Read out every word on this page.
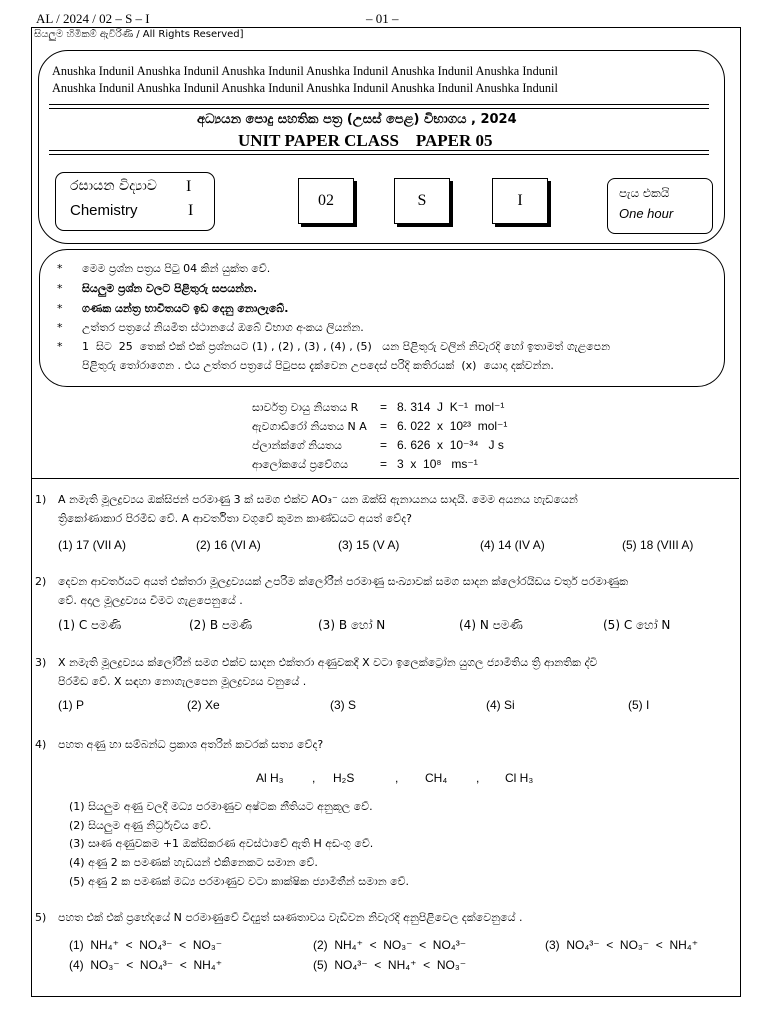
AL / 2024 / 02 – S – I	– 01 –
සියලුම හිමිකම් ඇවිරිණි / All Rights Reserved]
Anushka Indunil Anushka Indunil Anushka Indunil Anushka Indunil Anushka Indunil Anushka Indunil
Anushka Indunil Anushka Indunil Anushka Indunil Anushka Indunil Anushka Indunil Anushka Indunil
අධ්‍යයන පොදු සහතික පත්‍ර (උසස් පෙළ) විභාගය , 2024
UNIT PAPER CLASS    PAPER 05
රසායන විද්‍යාව I
Chemistry	I
02	S	I	පැය එකයි
One hour
* මෙම ප්‍රශ්න පත්‍රය පිටු 04 කින් යුක්ත වේ.
* සියලුම ප්‍රශ්න වලට පිළිතුරු සපයන්න.
* ගණක යන්ත්‍ර භාවිතයට ඉඩ දෙනු නොලැබේ.
* උත්තර පත්‍රයේ නියමිත ස්ථානයේ ඔබේ විභාග අංකය ලියන්න.
* 1  සිට  25  තෙක් එක් එක් ප්‍රශ්නයට (1) , (2) , (3) , (4) , (5)   යන පිළිතුරු වලින් නිවැරදි හෝ ඉතාමත් ගැළපෙන
පිළිතුරු තෝරාගෙන . එය උත්තර පත්‍රයේ පිටුපස දැක්වෙන උපදෙස් පරිදි කතිරයක්  (x)  යොදා දක්වන්න.
සාර්වත්‍ර වායු නියතය R =   8. 314  J  K⁻¹  mol⁻¹
ඇවගාඩ්රෝ නියතය N A =   6. 022  x  10²³  mol⁻¹
ප්ලාන්ක්ගේ නියතය	=   6. 626  x  10⁻³⁴   J s
ආලෝකයේ ප්‍රවේගය	=   3  x  10⁸   ms⁻¹
1) A නමැති මූලද්‍රව්‍යය ඔක්සිජන් පරමාණු 3 ක් සමග එක්ව AO₃⁻ යන ඔක්සි ඇනායනය සාදයි. මෙම අයනය හැඩයෙන්
ත්‍රිකෝණාකාර පිරමිඩ වේ. A ආවර්තිතා වගුවේ කුමන කාණ්ඩයට අයත් වේද?
(1) 17 (VII A)	(2) 16 (VI A)	(3) 15 (V A)	(4) 14 (IV A)	(5) 18 (VIII A)
2) දෙවන ආවර්තයට අයත් එක්තරා මූලද්‍රව්‍යයක් උපරිම ක්ලෝරීන් පරමාණු සංඛ්‍යාවක් සමග සාදන ක්ලෝරයිඩය චතුර් පරමාණුක
වේ. අදාල මූලද්‍රව්‍යය විමට ගැළපෙනුයේ .
(1) C පමණි	(2) B පමණි	(3) B හෝ N	(4) N පමණි	(5) C හෝ N
3) X නමැති මූලද්‍රව්‍යය ක්ලෝරීන් සමග එක්ව සාදන එක්තරා අණුවකදී X වටා ඉලෙක්ට්‍රෝන යුගල ජ්‍යාමිතිය ත්‍රි ආනතික ද්වි
පිරමිඩ වේ. X සඳහා නොගැලපෙන මූලද්‍රව්‍යය වනුයේ .
(1) P	(2) Xe	(3) S	(4) Si	(5) I
4) පහත අණු හා සම්බන්ධ ප්‍රකාශ අතරින් කවරක් සත්‍ය වේද?
Al H₃ , H₂S	, CH₄ , Cl H₃
(1) සියලුම අණු වලදී මධ්‍ය පරමාණුව අෂ්ටක නීතියට අනුකූල වේ.
(2) සියලුම අණු නිර්ධ්‍රැවීය වේ.
(3) සෘණ අණුවකම +1 ඔක්සිකරණ අවස්ථාවේ ඇති H අඩංගු වේ.
(4) අණු 2 ක පමණක් හැඩයන් එකිනෙකට සමාන වේ.
(5) අණු 2 ක පමණක් මධ්‍ය පරමාණුව වටා කාක්ෂික ජ්‍යාමිතීන් සමාන වේ.
5) පහත එක් එක් ප්‍රභේදයේ N පරමාණුවේ විද්‍යුත් සෘණතාවය වැඩිවන නිවැරදි අනුපිළිවෙල දක්වෙනුයේ .
(1)  NH₄⁺  <  NO₄³⁻  <  NO₃⁻	(2)  NH₄⁺  <  NO₃⁻  <  NO₄³⁻	(3)  NO₄³⁻  <  NO₃⁻  <  NH₄⁺
(4)  NO₃⁻  <  NO₄³⁻  <  NH₄⁺	(5)  NO₄³⁻  <  NH₄⁺  <  NO₃⁻
